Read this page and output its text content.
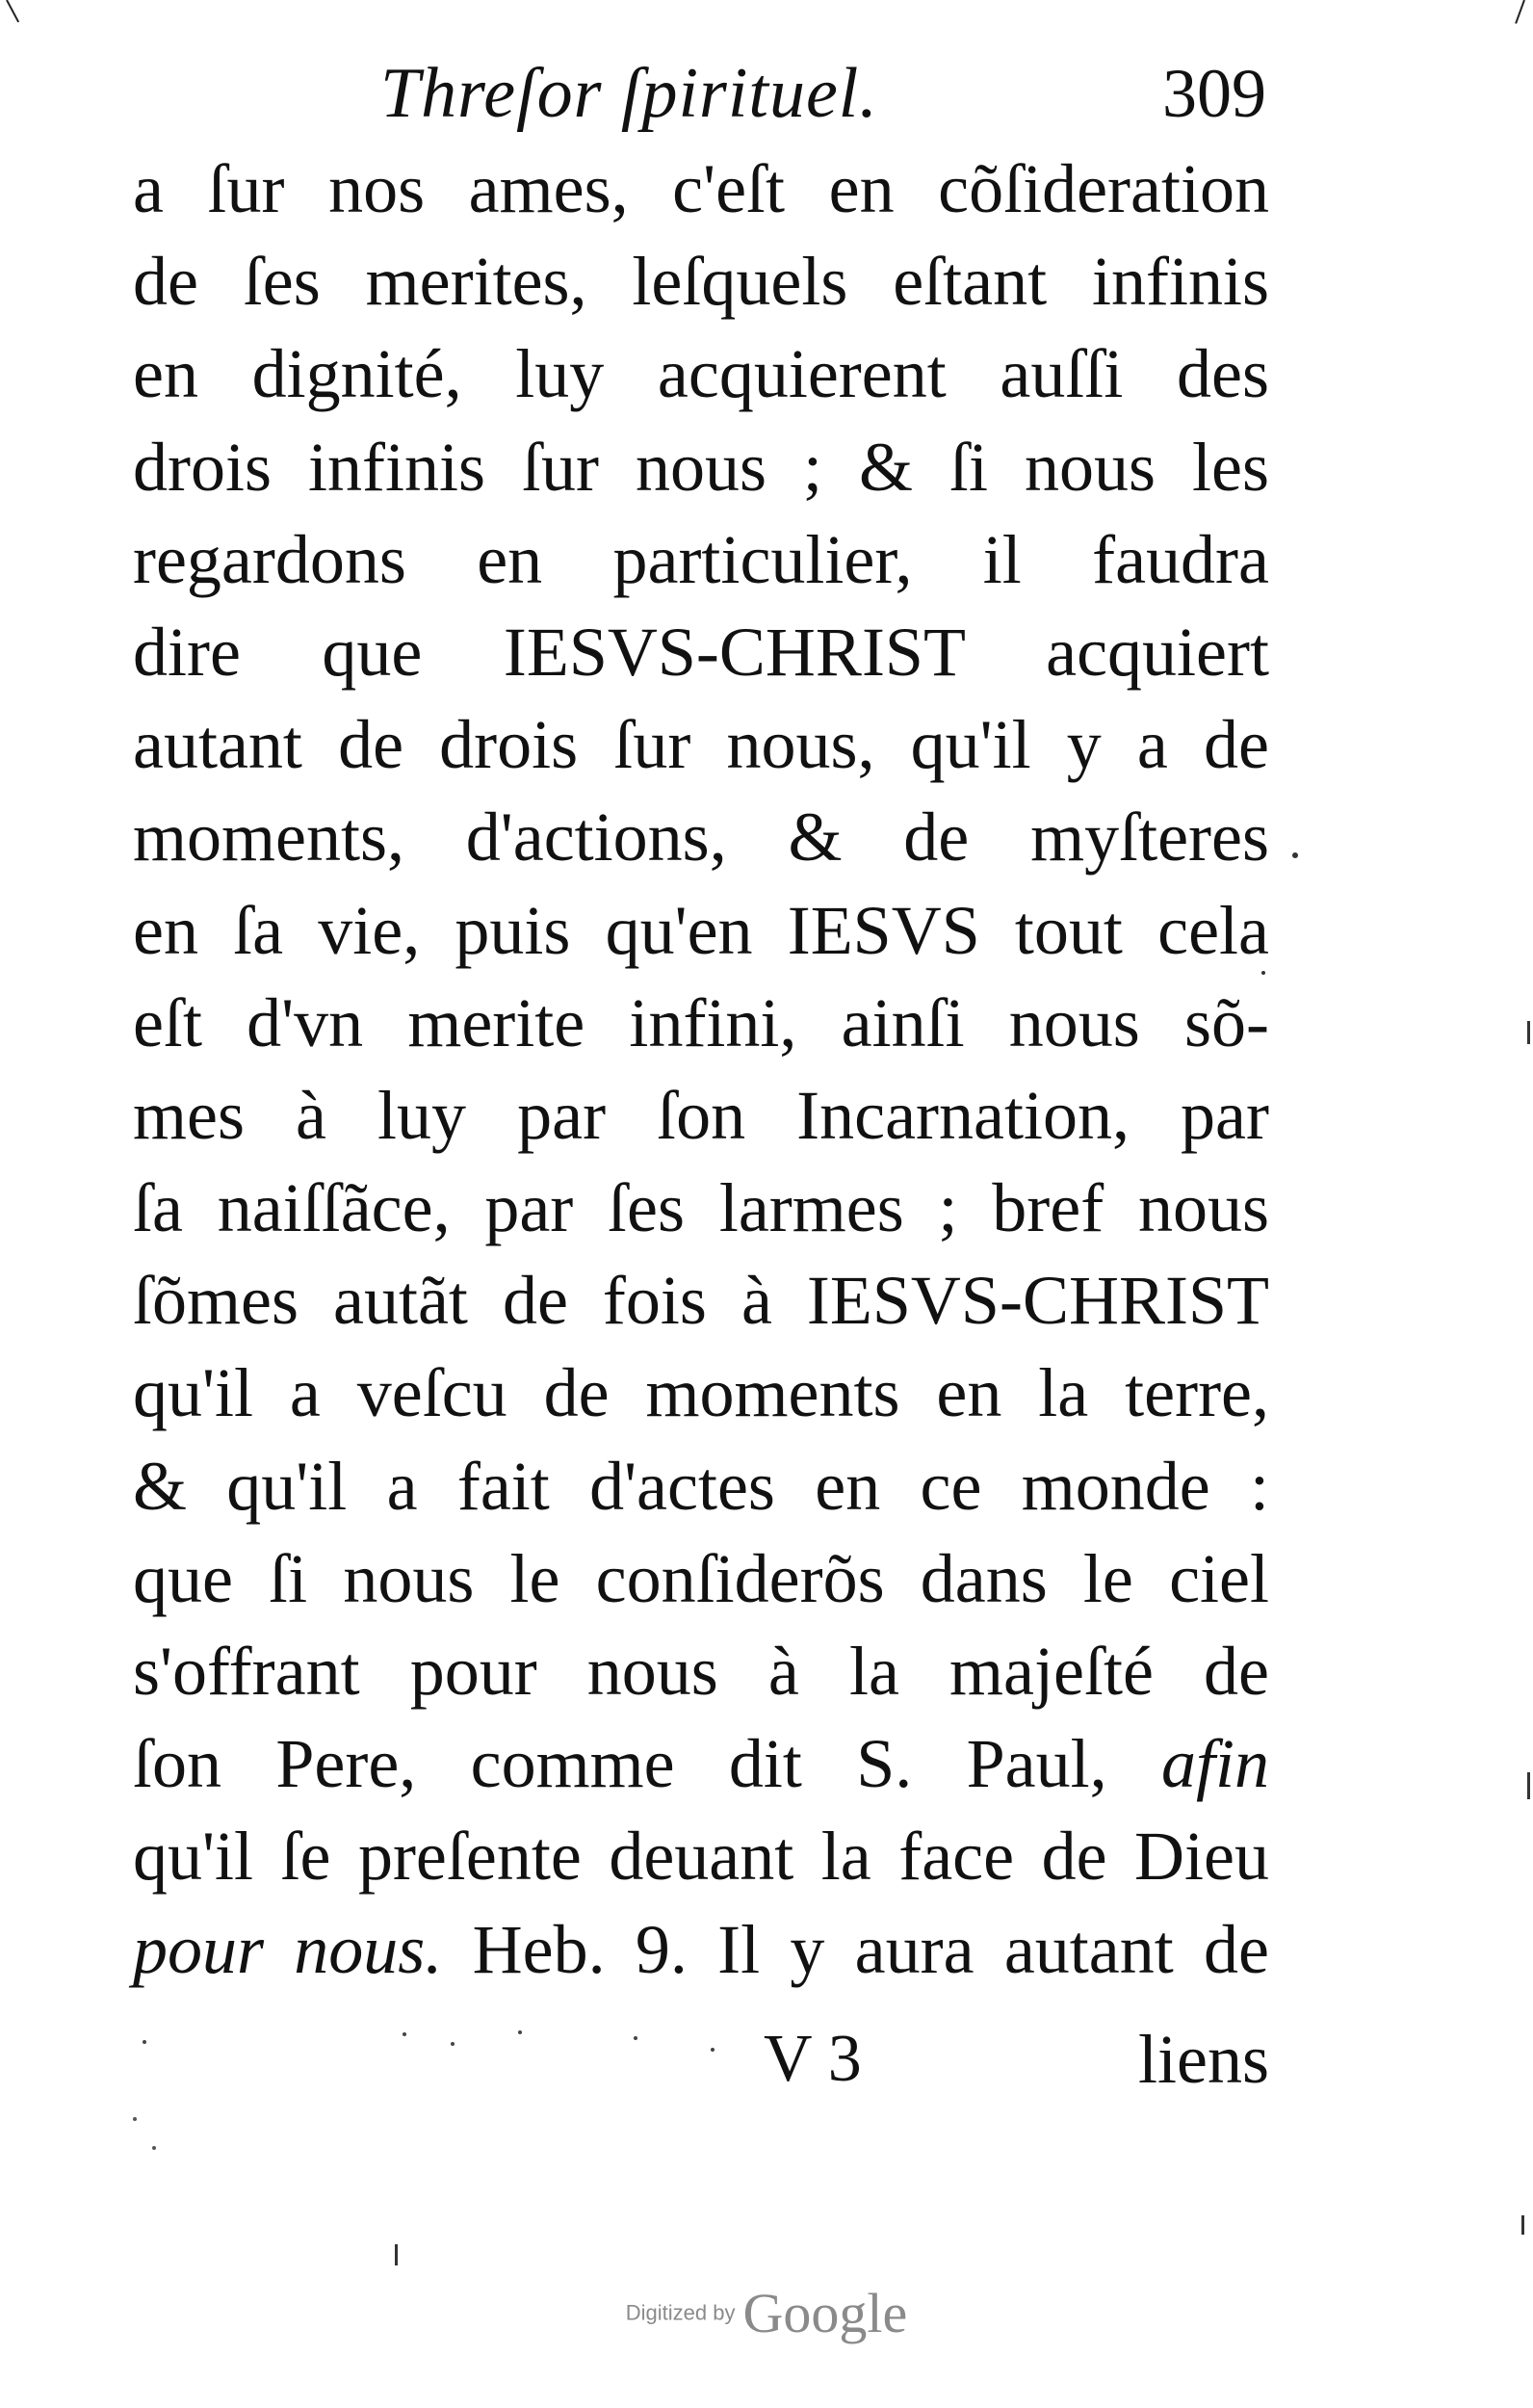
Threſor ſpirituel.	309
a ſur nos ames, c'eſt en cõſideration
de ſes merites, leſquels eſtant infinis
en dignité, luy acquierent auſſi des
drois infinis ſur nous ; & ſi nous les
regardons en particulier, il faudra
dire que IESVS-CHRIST acquiert
autant de drois ſur nous, qu'il y a de
moments, d'actions, & de myſteres
en ſa vie, puis qu'en IESVS tout cela
eſt d'vn merite infini, ainſi nous sõ-
mes à luy par ſon Incarnation, par
ſa naiſſãce, par ſes larmes ; bref nous
ſõmes autãt de fois à IESVS-CHRIST
qu'il a veſcu de moments en la terre,
& qu'il a fait d'actes en ce monde :
que ſi nous le conſiderõs dans le ciel
s'offrant pour nous à la majeſté de
ſon Pere, comme dit S. Paul, afin
qu'il ſe preſente deuant la face de Dieu
pour nous. Heb. 9. Il y aura autant de
V 3	liens
Digitized by Google
